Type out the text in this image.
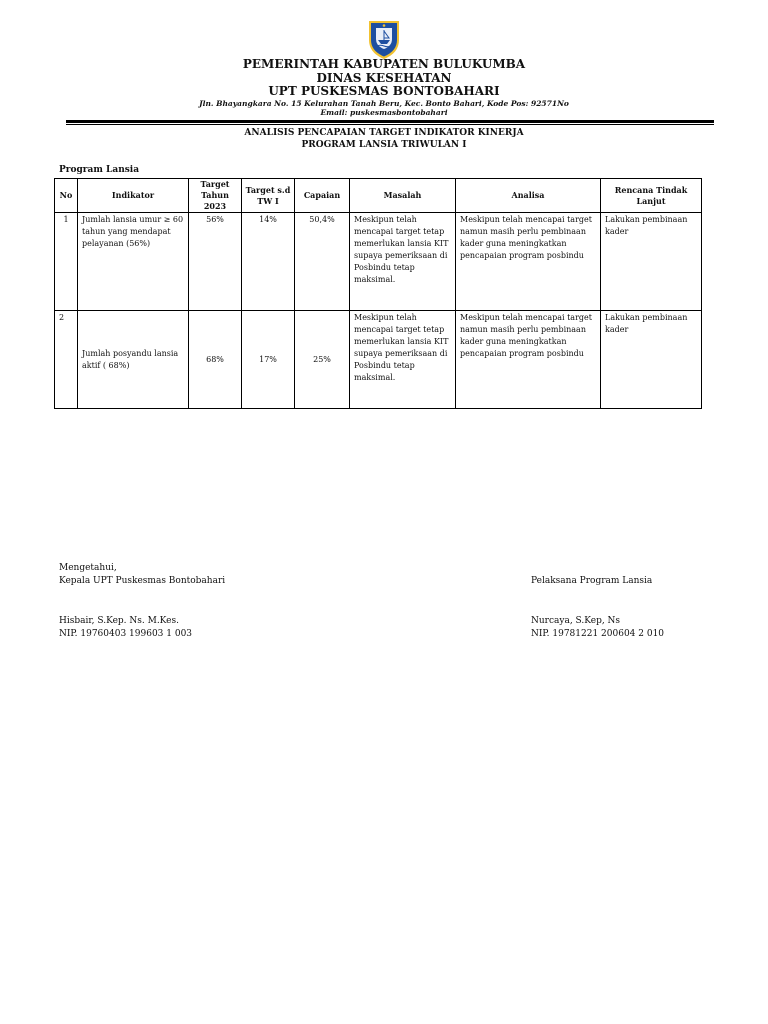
PEMERINTAH KABUPATEN BULUKUMBA
DINAS KESEHATAN
UPT PUSKESMAS BONTOBAHARI
Jln. Bhayangkara No. 15 Kelurahan Tanah Beru, Kec. Bonto Bahari, Kode Pos: 92571No
Email: puskesmasbontobahari
ANALISIS PENCAPAIAN TARGET INDIKATOR KINERJA
PROGRAM LANSIA TRIWULAN I
Program Lansia
No	Indikator	Target Tahun 2023	Target s.d TW I	Capaian	Masalah	Analisa	Rencana Tindak Lanjut
1	Jumlah lansia umur ≥ 60 tahun yang mendapat pelayanan (56%)	56%	14%	50,4%	Meskipun telah mencapai target tetap memerlukan lansia KIT supaya pemeriksaan di Posbindu tetap maksimal.	Meskipun telah mencapai target namun masih perlu pembinaan kader guna meningkatkan pencapaian program posbindu	Lakukan pembinaan kader
2	Jumlah posyandu lansia aktif ( 68%)	68%	17%	25%	Meskipun telah mencapai target tetap memerlukan lansia KIT supaya pemeriksaan di Posbindu tetap maksimal.	Meskipun telah mencapai target namun masih perlu pembinaan kader guna meningkatkan pencapaian program posbindu	Lakukan pembinaan kader
Mengetahui,
Kepala UPT Puskesmas Bontobahari
Hisbair, S.Kep. Ns. M.Kes.
NIP. 19760403 199603 1 003
Pelaksana Program Lansia
Nurcaya, S.Kep, Ns
NIP. 19781221 200604 2 010
